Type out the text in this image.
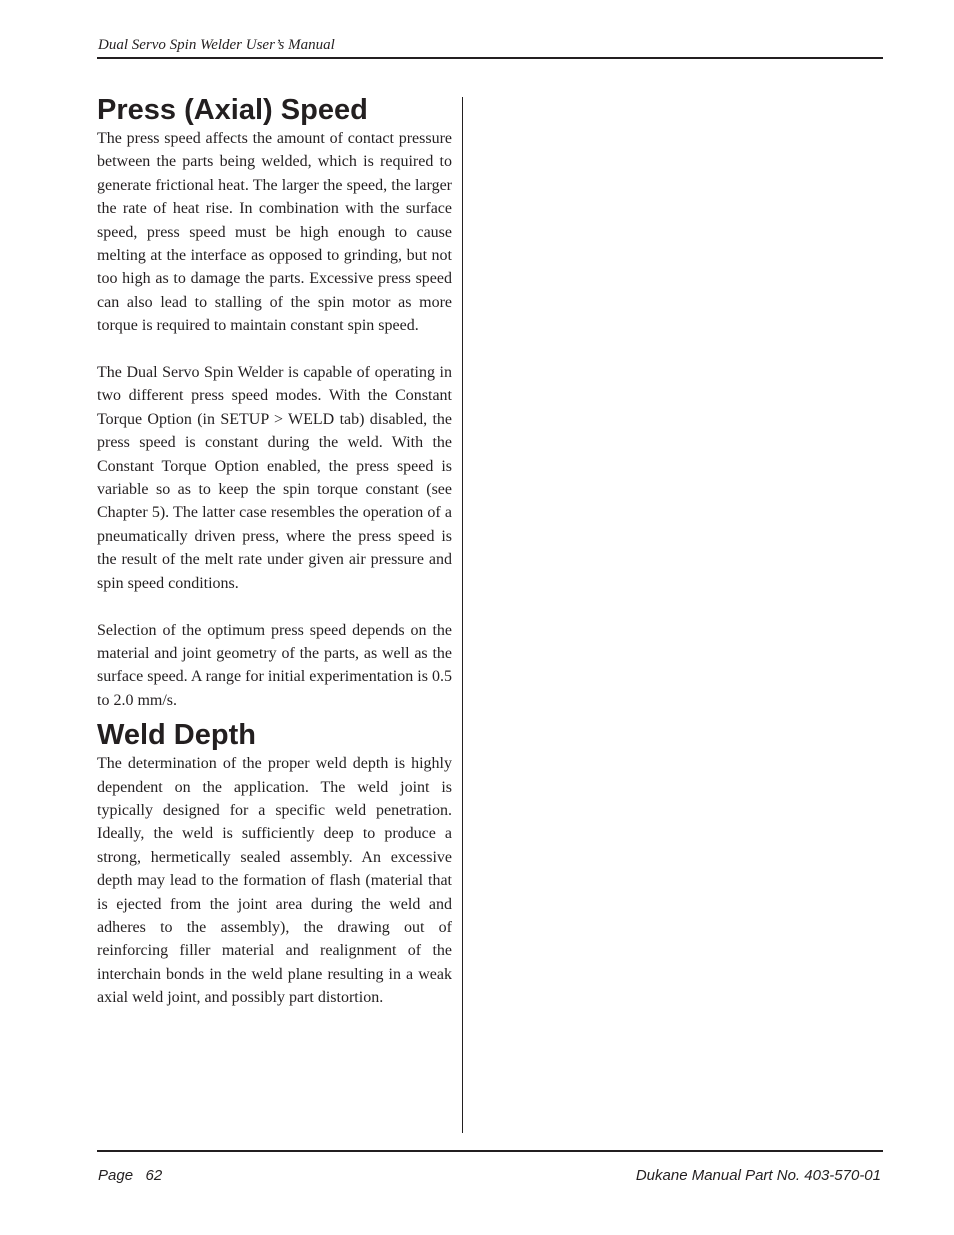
Dual Servo Spin Welder User’s Manual
Press (Axial) Speed

The press speed affects the amount of contact pressure between the parts being welded, which is required to generate frictional heat. The larger the speed, the larger the rate of heat rise. In combination with the surface speed, press speed must be high enough to cause melting at the interface as opposed to grinding, but not too high as to damage the parts. Excessive press speed can also lead to stalling of the spin motor as more torque is required to maintain constant spin speed.

The Dual Servo Spin Welder is capable of operating in two different press speed modes. With the Constant Torque Option (in SETUP > WELD tab) disabled, the press speed is constant during the weld. With the Constant Torque Option enabled, the press speed is variable so as to keep the spin torque constant (see Chapter 5). The latter case resembles the operation of a pneumatically driven press, where the press speed is the result of the melt rate under given air pressure and spin speed conditions.

Selection of the optimum press speed depends on the material and joint geometry of the parts, as well as the surface speed. A range for initial experimentation is 0.5 to 2.0 mm/s.

Weld Depth

The determination of the proper weld depth is highly dependent on the application. The weld joint is typically designed for a specific weld penetration. Ideally, the weld is sufficiently deep to produce a strong, hermetically sealed assembly. An excessive depth may lead to the formation of flash (material that is ejected from the joint area during the weld and adheres to the assembly), the drawing out of reinforcing filler material and realignment of the interchain bonds in the weld plane resulting in a weak axial weld joint, and possibly part distortion.

Page   62	Dukane Manual Part No. 403-570-01
